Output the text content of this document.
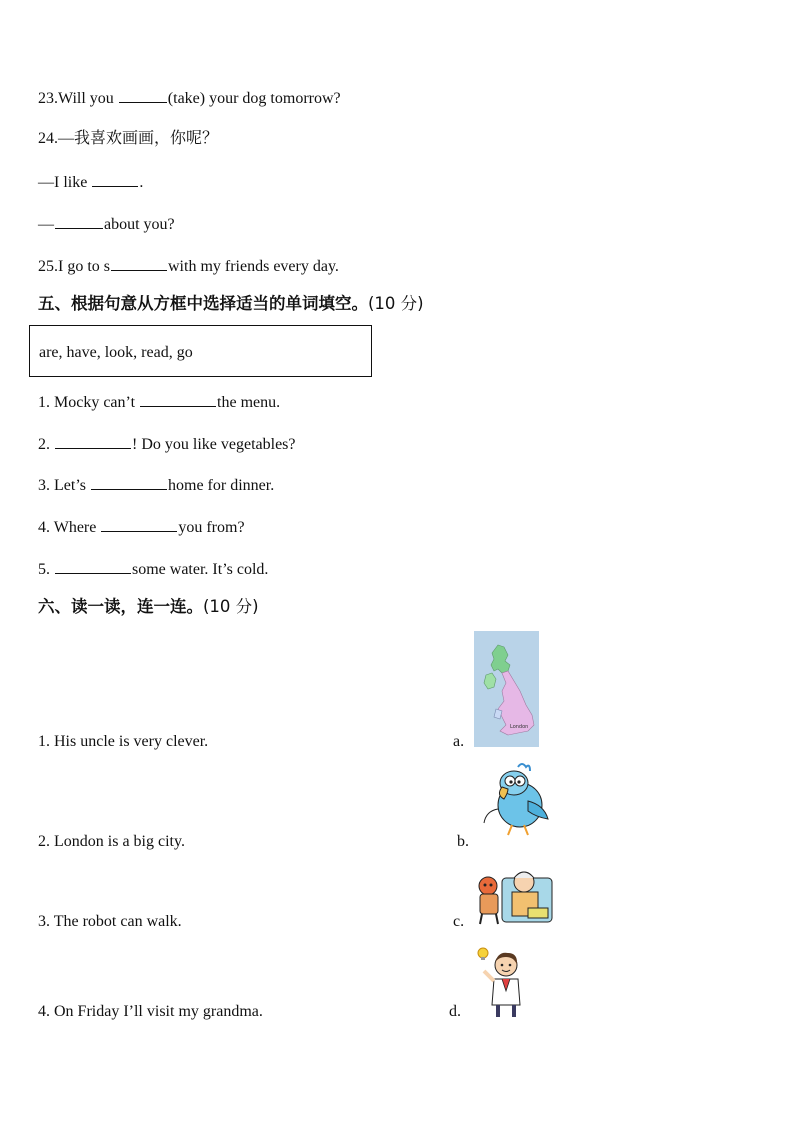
23.Will you	(take) your dog tomorrow?
24.—我喜欢画画，你呢？
—I like	.
—	about you?
25.I go to s	with my friends every day.
五、根据句意从方框中选择适当的单词填空。(10 分)
are, have, look, read, go
1. Mocky can’t	the menu.
2.	! Do you like vegetables?
3. Let’s	home for dinner.
4. Where	you from?
5.	some water. It’s cold.
六、读一读，连一连。(10 分)
1. His uncle is very clever.
2. London is a big city.
3. The robot can walk.
4. On Friday I’ll visit my grandma.
a.
b.
c.
d.
London
